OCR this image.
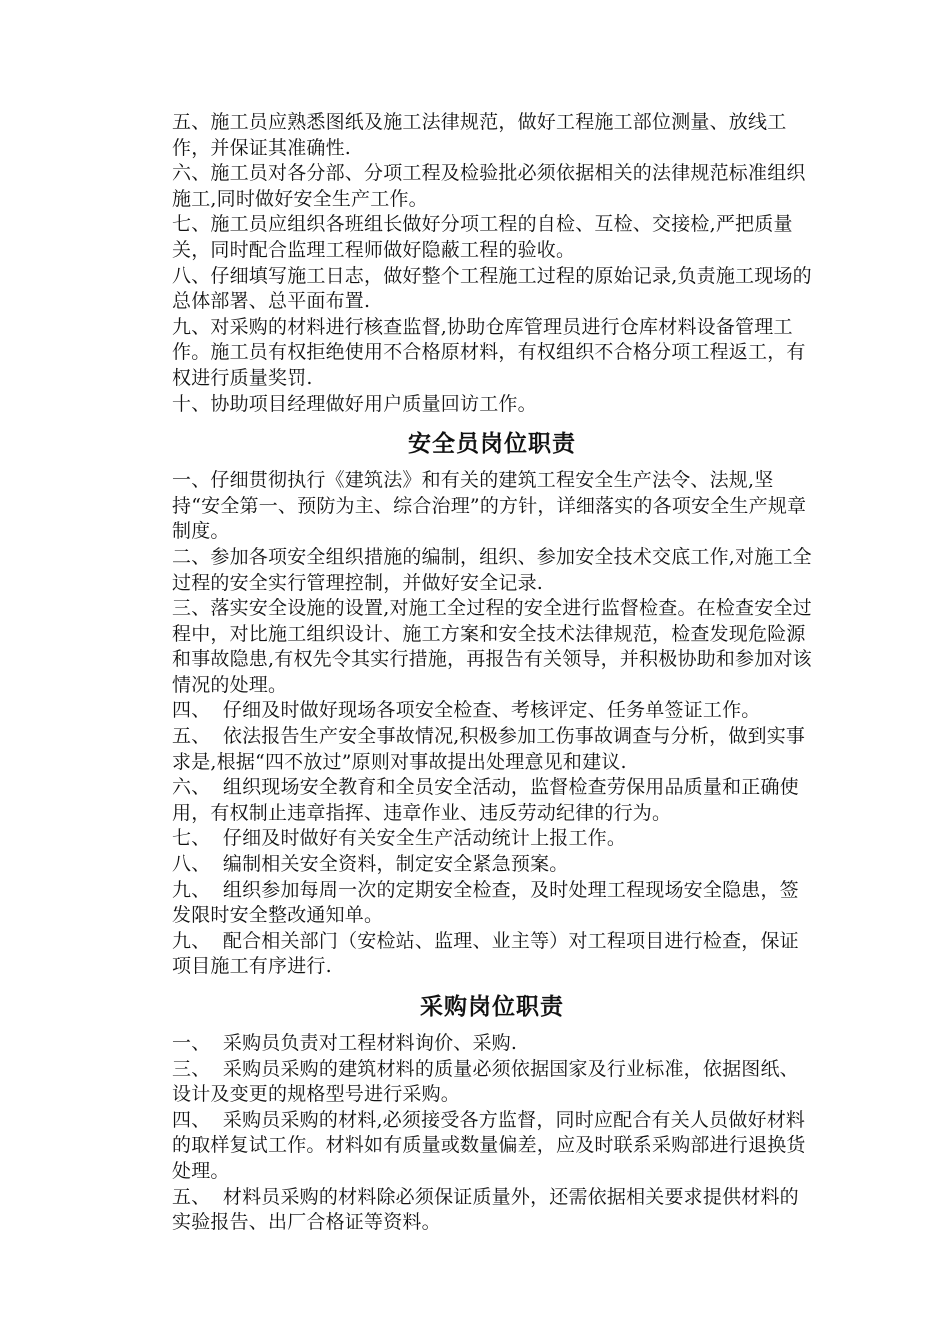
五、施工员应熟悉图纸及施工法律规范，做好工程施工部位测量、放线工作，并保证其准确性.

六、施工员对各分部、分项工程及检验批必须依据相关的法律规范标准组织施工,同时做好安全生产工作。

七、施工员应组织各班组长做好分项工程的自检、互检、交接检,严把质量关，同时配合监理工程师做好隐蔽工程的验收。

八、仔细填写施工日志，做好整个工程施工过程的原始记录,负责施工现场的总体部署、总平面布置.

九、对采购的材料进行核查监督,协助仓库管理员进行仓库材料设备管理工作。施工员有权拒绝使用不合格原材料，有权组织不合格分项工程返工，有权进行质量奖罚.

十、协助项目经理做好用户质量回访工作。

安全员岗位职责

一、仔细贯彻执行《建筑法》和有关的建筑工程安全生产法令、法规,坚持“安全第一、预防为主、综合治理”的方针，详细落实的各项安全生产规章制度。

二、参加各项安全组织措施的编制，组织、参加安全技术交底工作,对施工全过程的安全实行管理控制，并做好安全记录.

三、落实安全设施的设置,对施工全过程的安全进行监督检查。在检查安全过程中，对比施工组织设计、施工方案和安全技术法律规范，检查发现危险源和事故隐患,有权先令其实行措施，再报告有关领导，并积极协助和参加对该情况的处理。

四、  仔细及时做好现场各项安全检查、考核评定、任务单签证工作。

五、  依法报告生产安全事故情况,积极参加工伤事故调查与分析，做到实事求是,根据“四不放过”原则对事故提出处理意见和建议.

六、  组织现场安全教育和全员安全活动，监督检查劳保用品质量和正确使用，有权制止违章指挥、违章作业、违反劳动纪律的行为。

七、  仔细及时做好有关安全生产活动统计上报工作。

八、  编制相关安全资料，制定安全紧急预案。

九、  组织参加每周一次的定期安全检查，及时处理工程现场安全隐患，签发限时安全整改通知单。

九、  配合相关部门（安检站、监理、业主等）对工程项目进行检查，保证项目施工有序进行.

采购岗位职责

一、  采购员负责对工程材料询价、采购.

三、  采购员采购的建筑材料的质量必须依据国家及行业标准，依据图纸、设计及变更的规格型号进行采购。

四、  采购员采购的材料,必须接受各方监督，同时应配合有关人员做好材料的取样复试工作。材料如有质量或数量偏差，应及时联系采购部进行退换货处理。

五、  材料员采购的材料除必须保证质量外，还需依据相关要求提供材料的实验报告、出厂合格证等资料。
